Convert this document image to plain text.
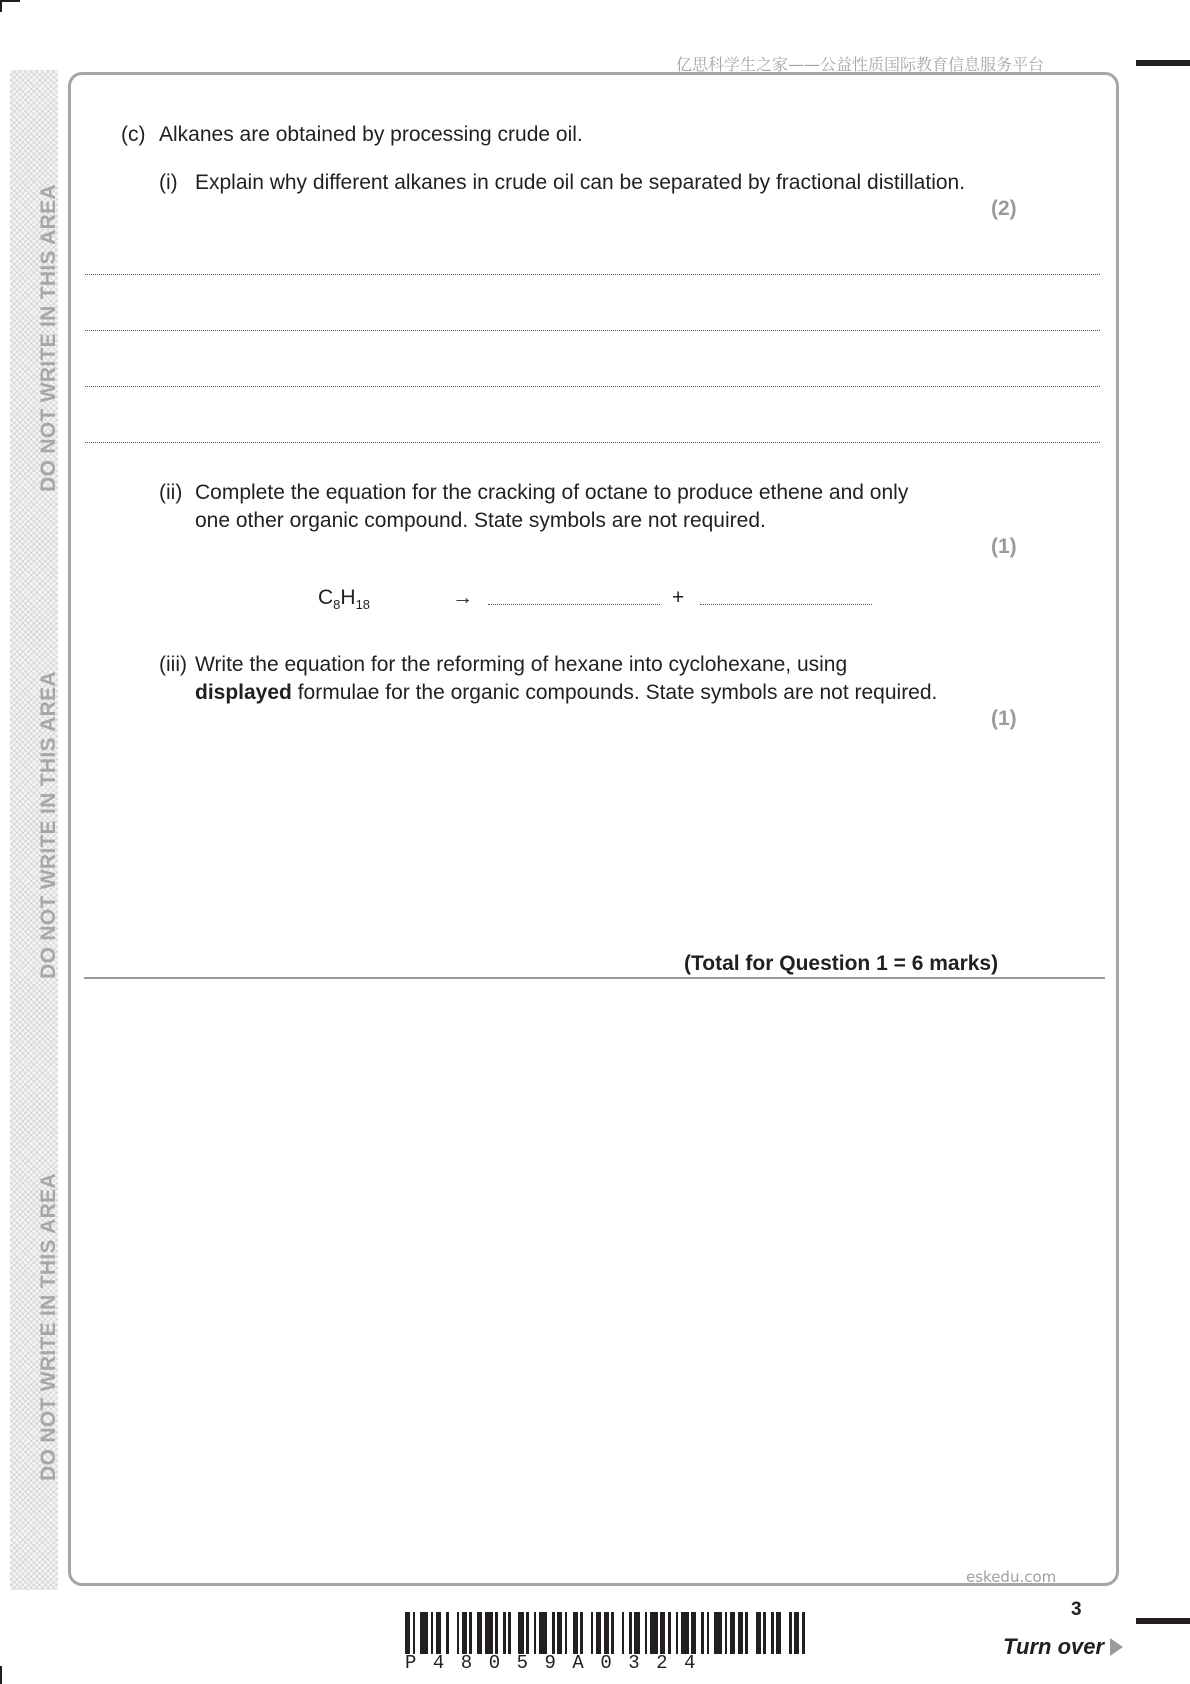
DO NOT WRITE IN THIS AREA
DO NOT WRITE IN THIS AREA
DO NOT WRITE IN THIS AREA
亿思科学生之家——公益性质国际教育信息服务平台
(c) Alkanes are obtained by processing crude oil.
(i) Explain why different alkanes in crude oil can be separated by fractional distillation.
(2)
(ii) Complete the equation for the cracking of octane to produce ethene and only
one other organic compound. State symbols are not required.
(1)
$C_8H_{18}$	→	+
(iii) Write the equation for the reforming of hexane into cyclohexane, using
displayed formulae for the organic compounds. State symbols are not required.
(1)
(Total for Question 1 = 6 marks)
eskedu.com
3
Turn over
P48059A0324
